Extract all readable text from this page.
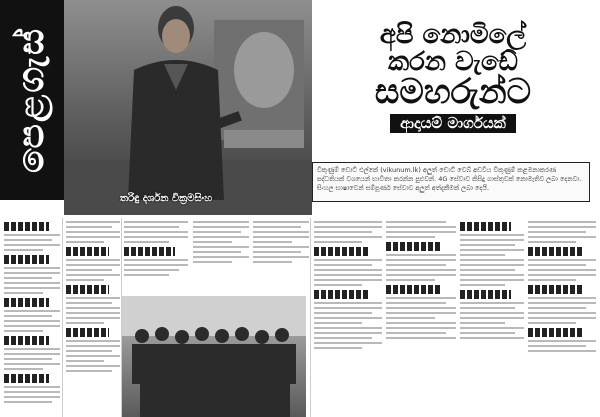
පෙළගැස්
තරිඳු දර්ශන වික්‍රමසිංහ
අපි නොමිලේ
කරන වැඩේ
සමහරුන්ට
ආදායම් මාර්ගයක්
විකුණුම් ඩොට් එල්කේ (vikunum.lk) අලුත් ඩොට් වෙබ් අඩවිය විකුණුම් කළමනාකරණ පද්ධතියක් වශයෙන් භාවිතා කරන්න පුළුවන්. 4G සේවාව කිසිදු ගාස්තුවක් නොමැතිව ලබා දෙනවා. සිංහල භාෂාවෙන් සම්පූර්ණ සේවාව අලුත් අත්දැකීමක් ලබා දෙයි.
